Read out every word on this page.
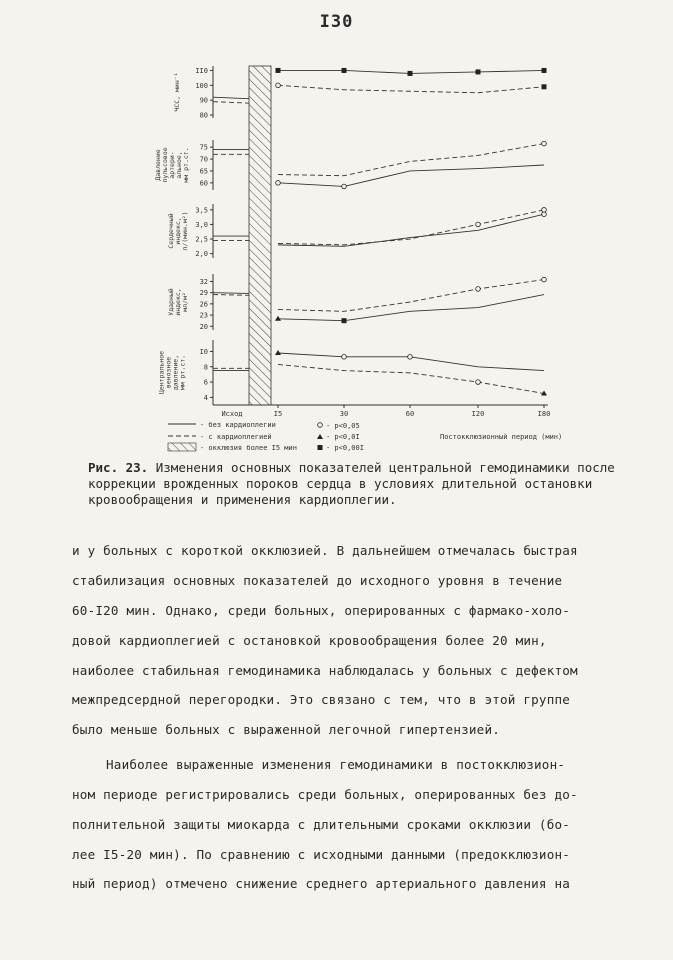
I30
80
90
100
II0
ЧСС, мин⁻¹
60
65
70
75
Давлениепульсовоеартери-альное,мм рт.ст.
2,0
2,5
3,0
3,5
Сердечныйиндекс,л/(мин.м²)
20
23
26
29
32
Ударныйиндекс,мл/м²
4
6
8
I0
Центральноевенозноедавление,мм рт.ст.
Исход	I5	30	60	I20	I80
- без кардиоплегии
- с кардиоплегией
- окклюзия более I5 мин
- p<0,05
- p<0,0I
- p<0,00I
Постокклюзионный период (мин)
Рис. 23. Изменения основных показателей центральной гемодинамики после коррекции врожденных пороков сердца в условиях длительной остановки кровообращения и применения кардиоплегии.

и у больных с короткой окклюзией. В дальнейшем отмечалась быстрая

стабилизация основных показателей до исходного уровня в течение

60-I20 мин. Однако, среди больных, оперированных с фармако-холо-

довой кардиоплегией с остановкой кровообращения более 20 мин,

наиболее стабильная гемодинамика наблюдалась у больных с дефектом

межпредсердной перегородки. Это связано с тем, что в этой группе

было меньше больных с выраженной легочной гипертензией.

Наиболее выраженные изменения гемодинамики в постокклюзион-

ном периоде регистрировались среди больных, оперированных без до-

полнительной защиты миокарда с длительными сроками окклюзии (бо-

лее I5-20 мин). По сравнению с исходными данными (предокклюзион-

ный период) отмечено снижение среднего артериального давления на
